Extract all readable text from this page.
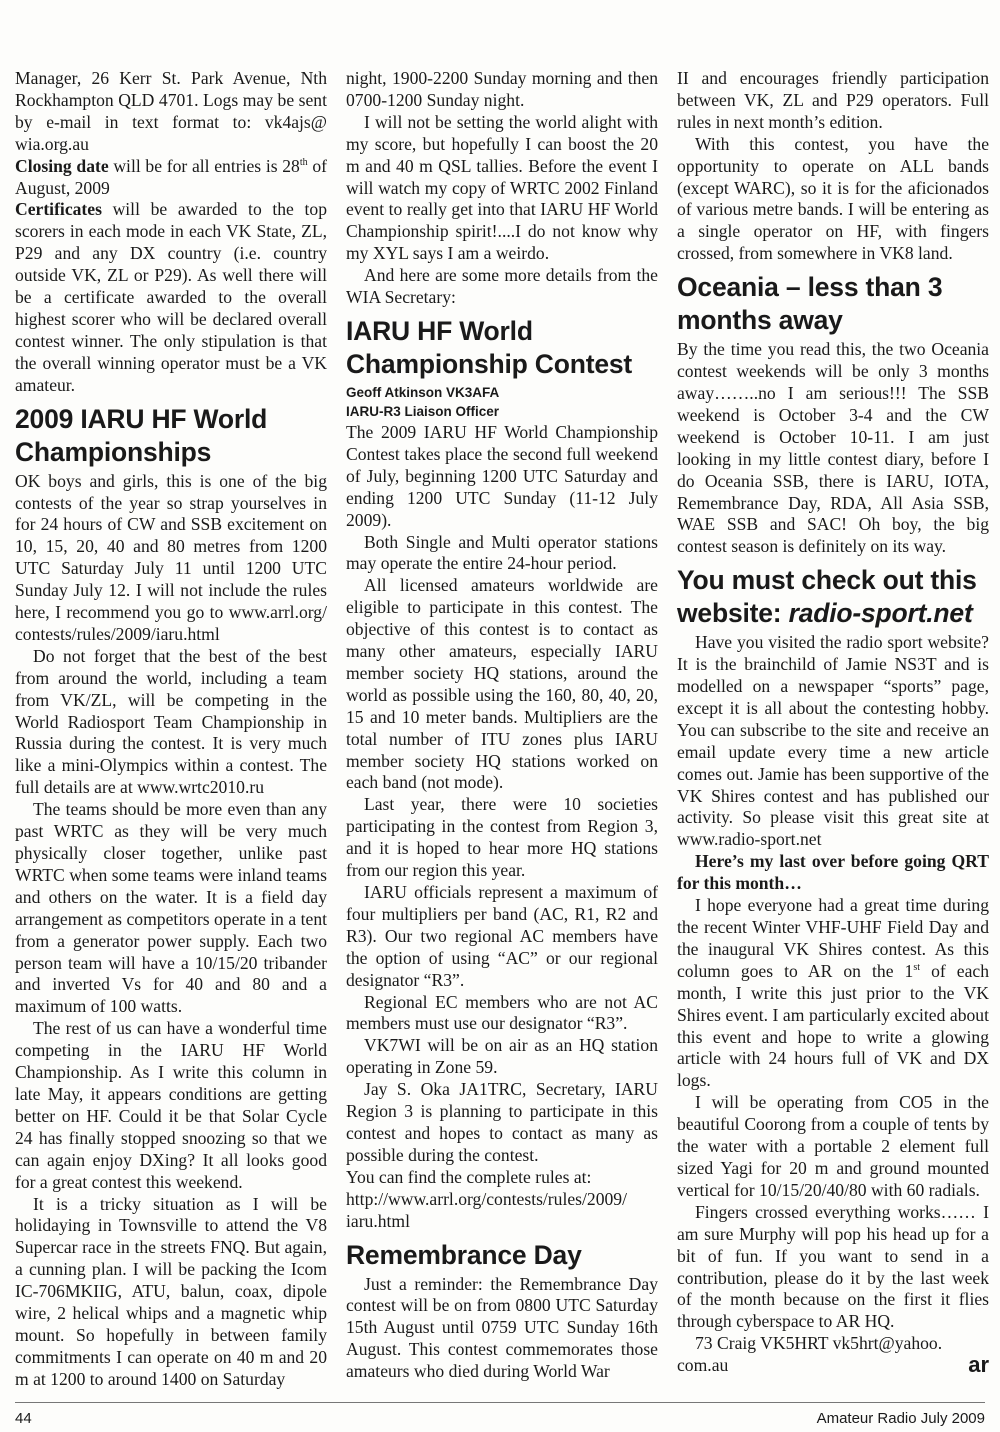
Manager, 26 Kerr St. Park Avenue, Nth Rockhampton QLD 4701. Logs may be sent by e-mail in text format to: vk4ajs@ wia.org.au

Closing date will be for all entries is 28th of August, 2009

Certificates will be awarded to the top scorers in each mode in each VK State, ZL, P29 and any DX country (i.e. country outside VK, ZL or P29). As well there will be a certificate awarded to the overall highest scorer who will be declared overall contest winner. The only stipulation is that the overall winning operator must be a VK amateur.

2009 IARU HF World Championships

OK boys and girls, this is one of the big contests of the year so strap yourselves in for 24 hours of CW and SSB excitement on 10, 15, 20, 40 and 80 metres from 1200 UTC Saturday July 11 until 1200 UTC Sunday July 12. I will not include the rules here, I recommend you go to www.arrl.org/ contests/rules/2009/iaru.html

Do not forget that the best of the best from around the world, including a team from VK/ZL, will be competing in the World Radiosport Team Championship in Russia during the contest. It is very much like a mini-Olympics within a contest. The full details are at www.wrtc2010.ru

The teams should be more even than any past WRTC as they will be very much physically closer together, unlike past WRTC when some teams were inland teams and others on the water. It is a field day arrangement as competitors operate in a tent from a generator power supply. Each two person team will have a 10/15/20 tribander and inverted Vs for 40 and 80 and a maximum of 100 watts.

The rest of us can have a wonderful time competing in the IARU HF World Championship. As I write this column in late May, it appears conditions are getting better on HF. Could it be that Solar Cycle 24 has finally stopped snoozing so that we can again enjoy DXing? It all looks good for a great contest this weekend.

It is a tricky situation as I will be holidaying in Townsville to attend the V8 Supercar race in the streets FNQ. But again, a cunning plan. I will be packing the Icom IC-706MKIIG, ATU, balun, coax, dipole wire, 2 helical whips and a magnetic whip mount. So hopefully in between family commitments I can operate on 40 m and 20 m at 1200 to around 1400 on Saturday

night, 1900-2200 Sunday morning and then 0700-1200 Sunday night.

I will not be setting the world alight with my score, but hopefully I can boost the 20 m and 40 m QSL tallies. Before the event I will watch my copy of WRTC 2002 Finland event to really get into that IARU HF World Championship spirit!....I do not know why my XYL says I am a weirdo.

And here are some more details from the WIA Secretary:

IARU HF World Championship Contest
Geoff Atkinson VK3AFA
IARU-R3 Liaison Officer

The 2009 IARU HF World Championship Contest takes place the second full weekend of July, beginning 1200 UTC Saturday and ending 1200 UTC Sunday (11-12 July 2009).

Both Single and Multi operator stations may operate the entire 24-hour period.

All licensed amateurs worldwide are eligible to participate in this contest. The objective of this contest is to contact as many other amateurs, especially IARU member society HQ stations, around the world as possible using the 160, 80, 40, 20, 15 and 10 meter bands. Multipliers are the total number of ITU zones plus IARU member society HQ stations worked on each band (not mode).

Last year, there were 10 societies participating in the contest from Region 3, and it is hoped to hear more HQ stations from our region this year.

IARU officials represent a maximum of four multipliers per band (AC, R1, R2 and R3). Our two regional AC members have the option of using “AC” or our regional designator “R3”.

Regional EC members who are not AC members must use our designator “R3”.

VK7WI will be on air as an HQ station operating in Zone 59.

Jay S. Oka JA1TRC, Secretary, IARU Region 3 is planning to participate in this contest and hopes to contact as many as possible during the contest.

You can find the complete rules at: http://www.arrl.org/contests/rules/2009/ iaru.html

Remembrance Day

Just a reminder: the Remembrance Day contest will be on from 0800 UTC Saturday 15th August until 0759 UTC Sunday 16th August. This contest commemorates those amateurs who died during World War

II and encourages friendly participation between VK, ZL and P29 operators. Full rules in next month’s edition.

With this contest, you have the opportunity to operate on ALL bands (except WARC), so it is for the aficionados of various metre bands. I will be entering as a single operator on HF, with fingers crossed, from somewhere in VK8 land.

Oceania – less than 3 months away

By the time you read this, the two Oceania contest weekends will be only 3 months away……..no I am serious!!! The SSB weekend is October 3-4 and the CW weekend is October 10-11. I am just looking in my little contest diary, before I do Oceania SSB, there is IARU, IOTA, Remembrance Day, RDA, All Asia SSB, WAE SSB and SAC! Oh boy, the big contest season is definitely on its way.

You must check out this website: radio-sport.net

Have you visited the radio sport website? It is the brainchild of Jamie NS3T and is modelled on a newspaper “sports” page, except it is all about the contesting hobby. You can subscribe to the site and receive an email update every time a new article comes out. Jamie has been supportive of the VK Shires contest and has published our activity. So please visit this great site at www.radio-sport.net

Here’s my last over before going QRT for this month…

I hope everyone had a great time during the recent Winter VHF-UHF Field Day and the inaugural VK Shires contest. As this column goes to AR on the 1st of each month, I write this just prior to the VK Shires event. I am particularly excited about this event and hope to write a glowing article with 24 hours full of VK and DX logs.

I will be operating from CO5 in the beautiful Coorong from a couple of tents by the water with a portable 2 element full sized Yagi for 20 m and ground mounted vertical for 10/15/20/40/80 with 60 radials.

Fingers crossed everything works…… I am sure Murphy will pop his head up for a bit of fun. If you want to send in a contribution, please do it by the last week of the month because on the first it flies through cyberspace to AR HQ.

73 Craig VK5HRT vk5hrt@yahoo. com.au	ar

44	Amateur Radio July 2009
